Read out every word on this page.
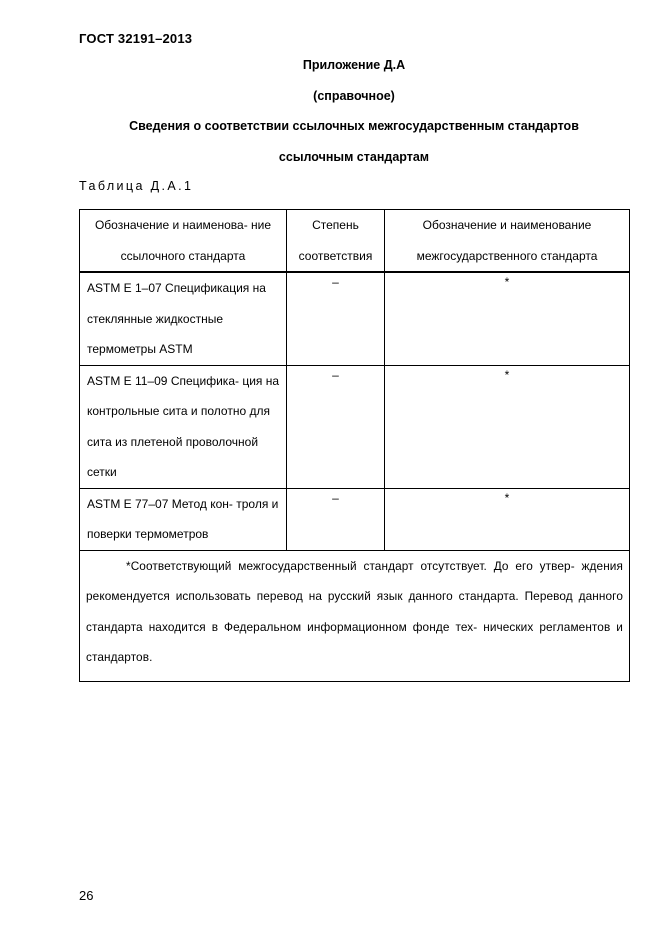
ГОСТ 32191–2013
Приложение Д.А
(справочное)
Сведения о соответствии ссылочных межгосударственным стандартов
ссылочным стандартам
Таблица Д.А.1
Обозначение и наименова- ние ссылочного стандарта	Степень соответствия	Обозначение и наименование межгосударственного стандарта
ASTM E 1–07 Спецификация на стеклянные жидкостные термометры ASTM	–	*

ASTM E 11–09 Специфика- ция на контрольные сита и полотно для сита из плетеной проволочной сетки	–	*

ASTM E 77–07 Метод кон- троля и поверки термометров	–	*

*Соответствующий межгосударственный стандарт отсутствует. До его утвер- ждения рекомендуется использовать перевод на русский язык данного стандарта. Перевод данного стандарта находится в Федеральном информационном фонде тех- нических регламентов и стандартов.		
26
